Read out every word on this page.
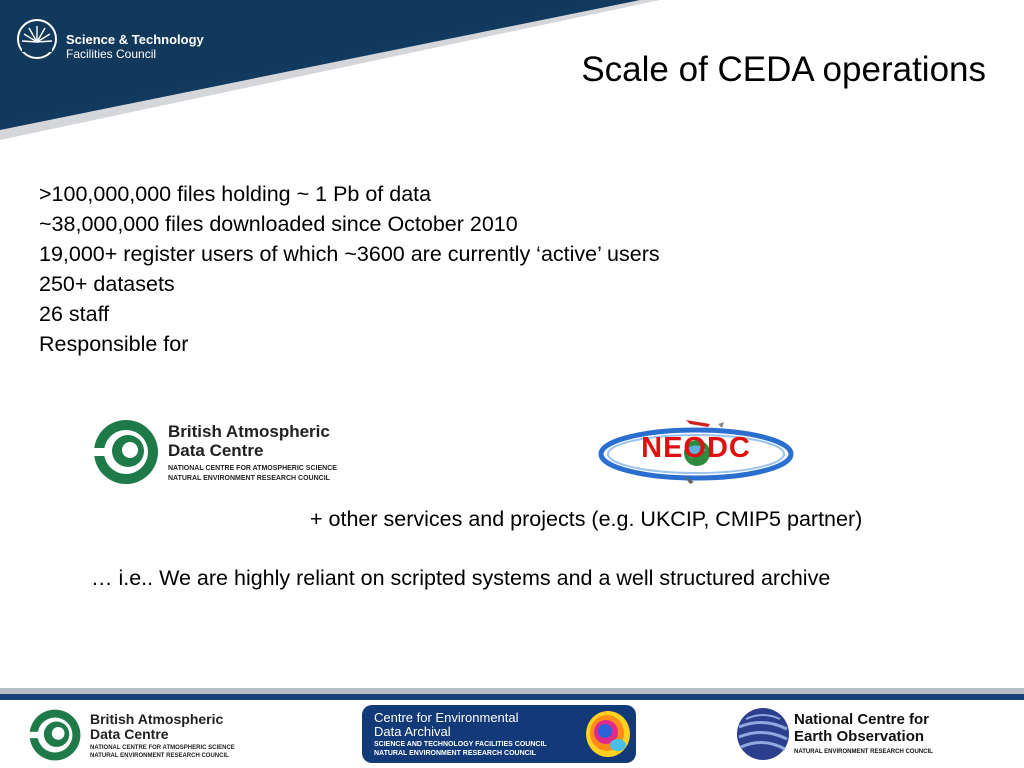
Science & Technology
Facilities Council	Scale of CEDA operations
>100,000,000 files holding ~ 1 Pb of data
~38,000,000 files downloaded since October 2010
19,000+ register users of which ~3600 are currently ‘active’ users
250+ datasets
26 staff
Responsible for
British Atmospheric
Data Centre
NATIONAL CENTRE FOR ATMOSPHERIC SCIENCE
NATURAL ENVIRONMENT RESEARCH COUNCIL
NEODC
+ other services and projects (e.g. UKCIP, CMIP5 partner)
… i.e.. We are highly reliant on scripted systems and a well structured archive
British Atmospheric
Data Centre
NATIONAL CENTRE FOR ATMOSPHERIC SCIENCE
NATURAL ENVIRONMENT RESEARCH COUNCIL
Centre for Environmental
Data Archival
SCIENCE AND TECHNOLOGY FACILITIES COUNCIL
NATURAL ENVIRONMENT RESEARCH COUNCIL
National Centre for
Earth Observation
NATURAL ENVIRONMENT RESEARCH COUNCIL
